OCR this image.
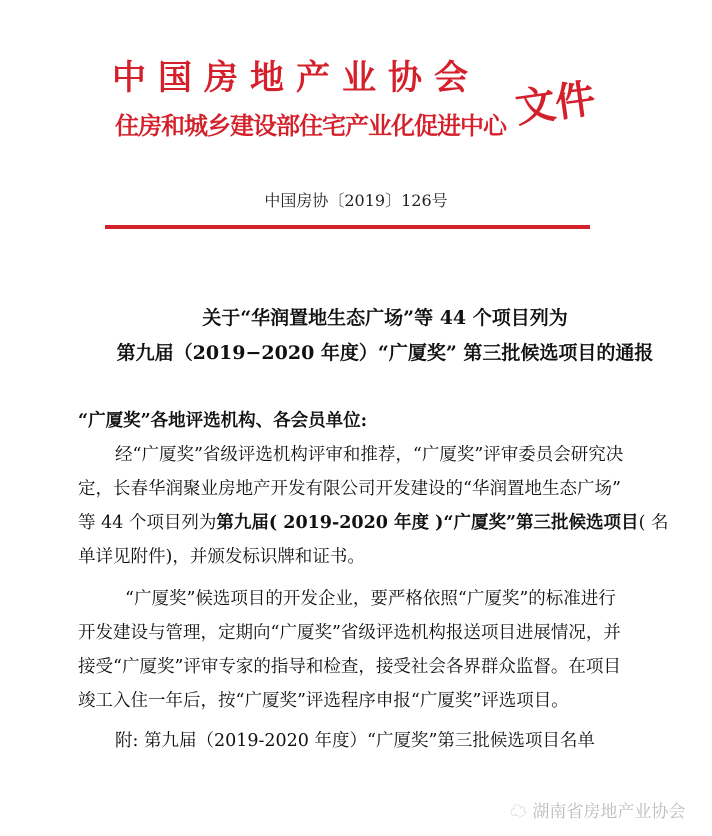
中国房地产业协会
住房和城乡建设部住宅产业化促进中心 文件
中国房协〔2019〕126号
关于“华润置地生态广场”等 44 个项目列为
第九届（2019−2020 年度）“广厦奖” 第三批候选项目的通报
“广厦奖”各地评选机构、各会员单位:
经“广厦奖”省级评选机构评审和推荐，“广厦奖”评审委员会研究决
定，长春华润聚业房地产开发有限公司开发建设的“华润置地生态广场”
等 44 个项目列为第九届( 2019-2020 年度 )“广厦奖”第三批候选项目( 名
单详见附件)，并颁发标识牌和证书。
“广厦奖”候选项目的开发企业，要严格依照“广厦奖”的标准进行
开发建设与管理，定期向“广厦奖”省级评选机构报送项目进展情况，并
接受“广厦奖”评审专家的指导和检查，接受社会各界群众监督。在项目
竣工入住一年后，按“广厦奖”评选程序申报“广厦奖”评选项目。
附: 第九届（2019-2020 年度）“广厦奖”第三批候选项目名单
☁ 湖南省房地产业协会
